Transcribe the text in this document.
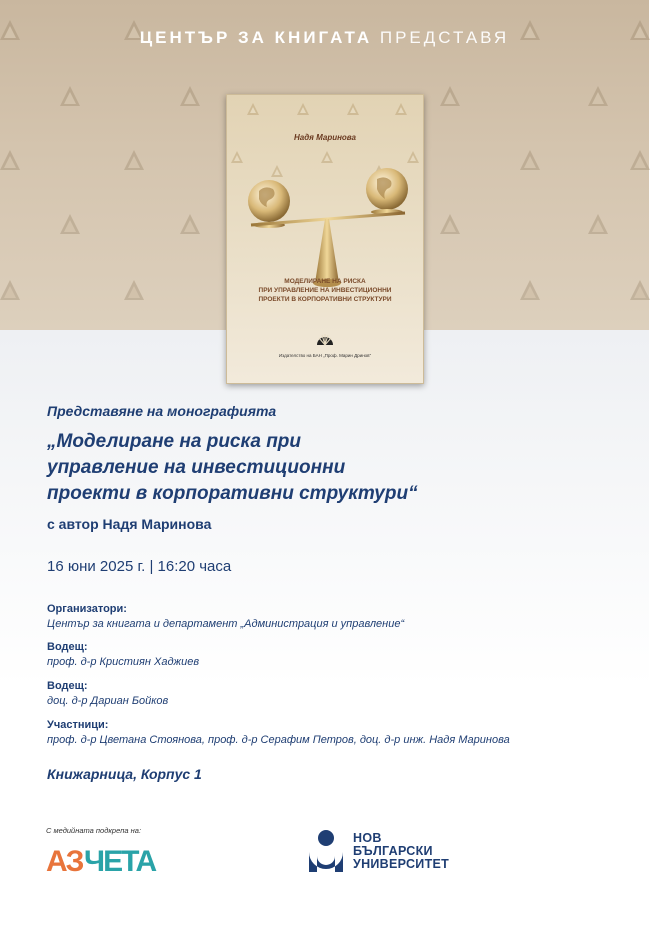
ЦЕНТЪР ЗА КНИГАТА ПРЕДСТАВЯ
Надя Маринова
МОДЕЛИРАНЕ НА РИСКА
ПРИ УПРАВЛЕНИЕ НА ИНВЕСТИЦИОННИ
ПРОЕКТИ В КОРПОРАТИВНИ СТРУКТУРИ
Издателство на БАН „Проф. Марин Дринов“
Представяне на монографията
„Моделиране на риска при
управление на инвестиционни
проекти в корпоративни структури“
с автор Надя Маринова
16 юни 2025 г. | 16:20 часа
Организатори:
Център за книгата и департамент „Администрация и управление“
Водещ:
проф. д-р Кристиян Хаджиев
Водещ:
доц. д-р Дариан Бойков
Участници:
проф. д-р Цветана Стоянова, проф. д-р Серафим Петров, доц. д-р инж. Надя Маринова
Книжарница, Корпус 1
С медийната подкрепа на:
АЗ ЧЕТА
НОВ
БЪЛГАРСКИ
УНИВЕРСИТЕТ
